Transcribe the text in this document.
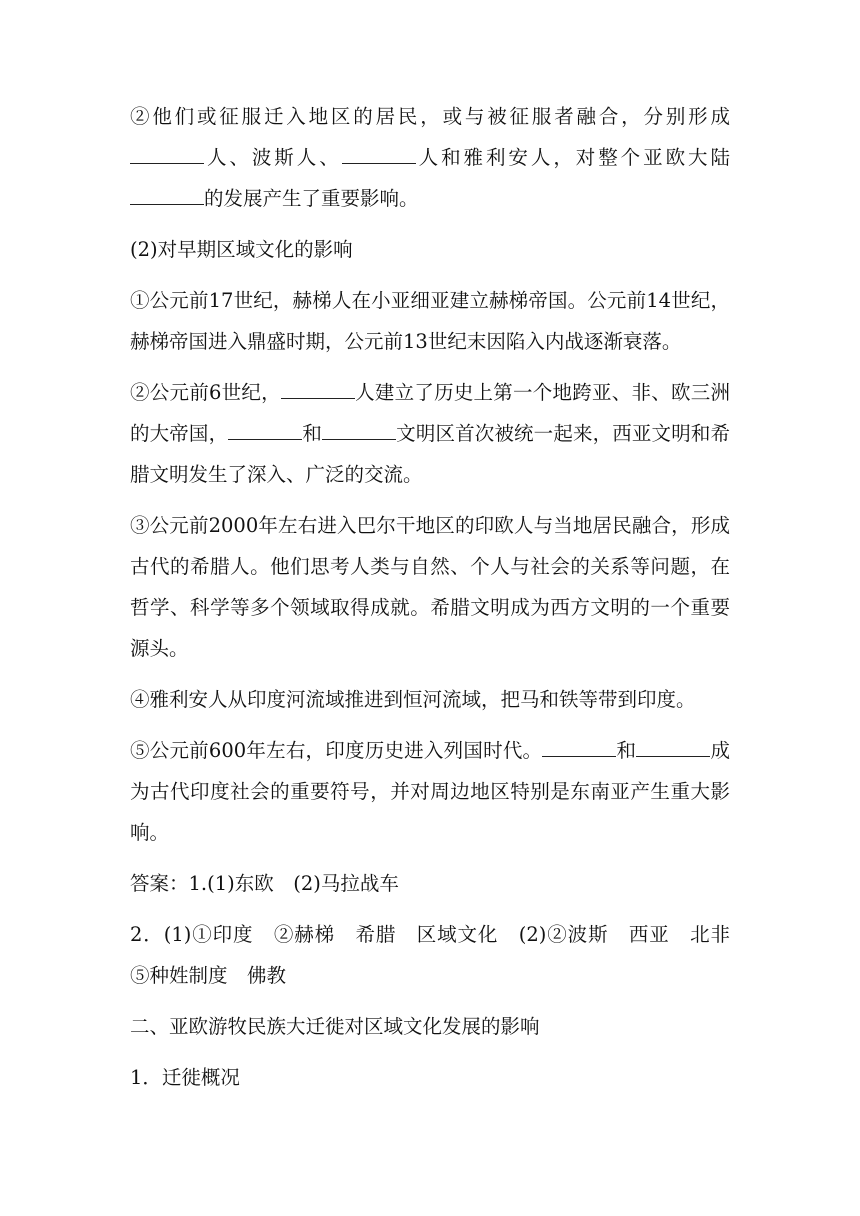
②他们或征服迁入地区的居民，或与被征服者融合，分别形成人、波斯人、	人和雅利安人，对整个亚欧大陆的发展产生了重要影响。

(2)对早期区域文化的影响

①公元前17世纪，赫梯人在小亚细亚建立赫梯帝国。公元前14世纪，赫梯帝国进入鼎盛时期，公元前13世纪末因陷入内战逐渐衰落。

②公元前6世纪，	人建立了历史上第一个地跨亚、非、欧三洲的大帝国，	和	文明区首次被统一起来，西亚文明和希腊文明发生了深入、广泛的交流。

③公元前2000年左右进入巴尔干地区的印欧人与当地居民融合，形成古代的希腊人。他们思考人类与自然、个人与社会的关系等问题，在哲学、科学等多个领域取得成就。希腊文明成为西方文明的一个重要源头。

④雅利安人从印度河流域推进到恒河流域，把马和铁等带到印度。

⑤公元前600年左右，印度历史进入列国时代。	和	成为古代印度社会的重要符号，并对周边地区特别是东南亚产生重大影响。

答案：1.(1)东欧　(2)马拉战车

2．(1)①印度　②赫梯　希腊　区域文化　(2)②波斯　西亚　北非　⑤种姓制度　佛教

二、亚欧游牧民族大迁徙对区域文化发展的影响

1．迁徙概况
